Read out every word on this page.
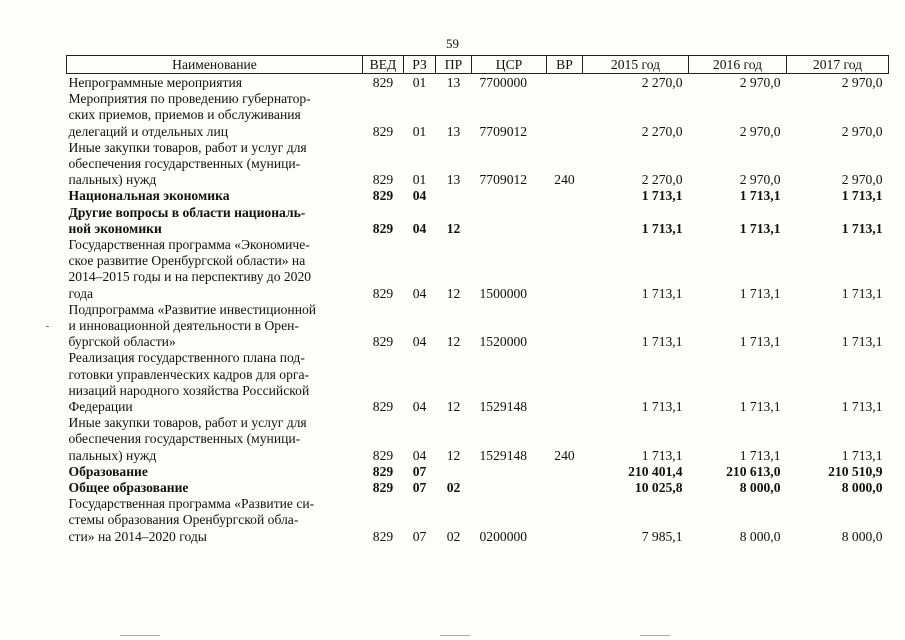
59
Наименование	ВЕД	РЗ	ПР	ЦСР	ВР	2015 год	2016 год	2017 год
Непрограммные мероприятия	829	01	13	7700000		2 270,0	2 970,0	2 970,0
Мероприятия по проведению губернатор-
ских приемов, приемов и обслуживания
делегаций и отдельных лиц	829	01	13	7709012		2 270,0	2 970,0	2 970,0
Иные закупки товаров, работ и услуг для
обеспечения государственных (муници-
пальных) нужд	829	01	13	7709012	240	2 270,0	2 970,0	2 970,0
Национальная экономика	829	04				1 713,1	1 713,1	1 713,1
Другие вопросы в области националь-
ной экономики	829	04	12			1 713,1	1 713,1	1 713,1
Государственная программа «Экономиче-
ское развитие Оренбургской области» на
2014–2015 годы и на перспективу до 2020
года	829	04	12	1500000		1 713,1	1 713,1	1 713,1
Подпрограмма «Развитие инвестиционной
и инновационной деятельности в Орен-
бургской области»	829	04	12	1520000		1 713,1	1 713,1	1 713,1
Реализация государственного плана под-
готовки управленческих кадров для орга-
низаций народного хозяйства Российской
Федерации	829	04	12	1529148		1 713,1	1 713,1	1 713,1
Иные закупки товаров, работ и услуг для
обеспечения государственных (муници-
пальных) нужд	829	04	12	1529148	240	1 713,1	1 713,1	1 713,1
Образование	829	07				210 401,4	210 613,0	210 510,9
Общее образование	829	07	02			10 025,8	8 000,0	8 000,0
Государственная программа «Развитие си-
стемы образования Оренбургской обла-
сти» на 2014–2020 годы	829	07	02	0200000		7 985,1	8 000,0	8 000,0
